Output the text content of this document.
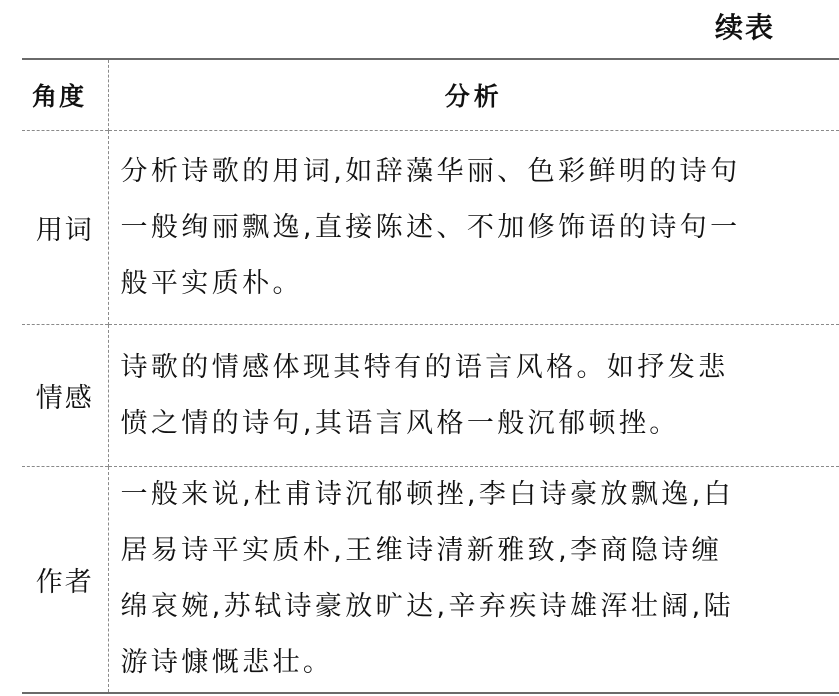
续表
角度	分析
用词	分析诗歌的用词,如辞藻华丽、色彩鲜明的诗句
一般绚丽飘逸,直接陈述、不加修饰语的诗句一
般平实质朴。

情感	诗歌的情感体现其特有的语言风格。如抒发悲
愤之情的诗句,其语言风格一般沉郁顿挫。

作者	一般来说,杜甫诗沉郁顿挫,李白诗豪放飘逸,白
居易诗平实质朴,王维诗清新雅致,李商隐诗缠
绵哀婉,苏轼诗豪放旷达,辛弃疾诗雄浑壮阔,陆
游诗慷慨悲壮。
